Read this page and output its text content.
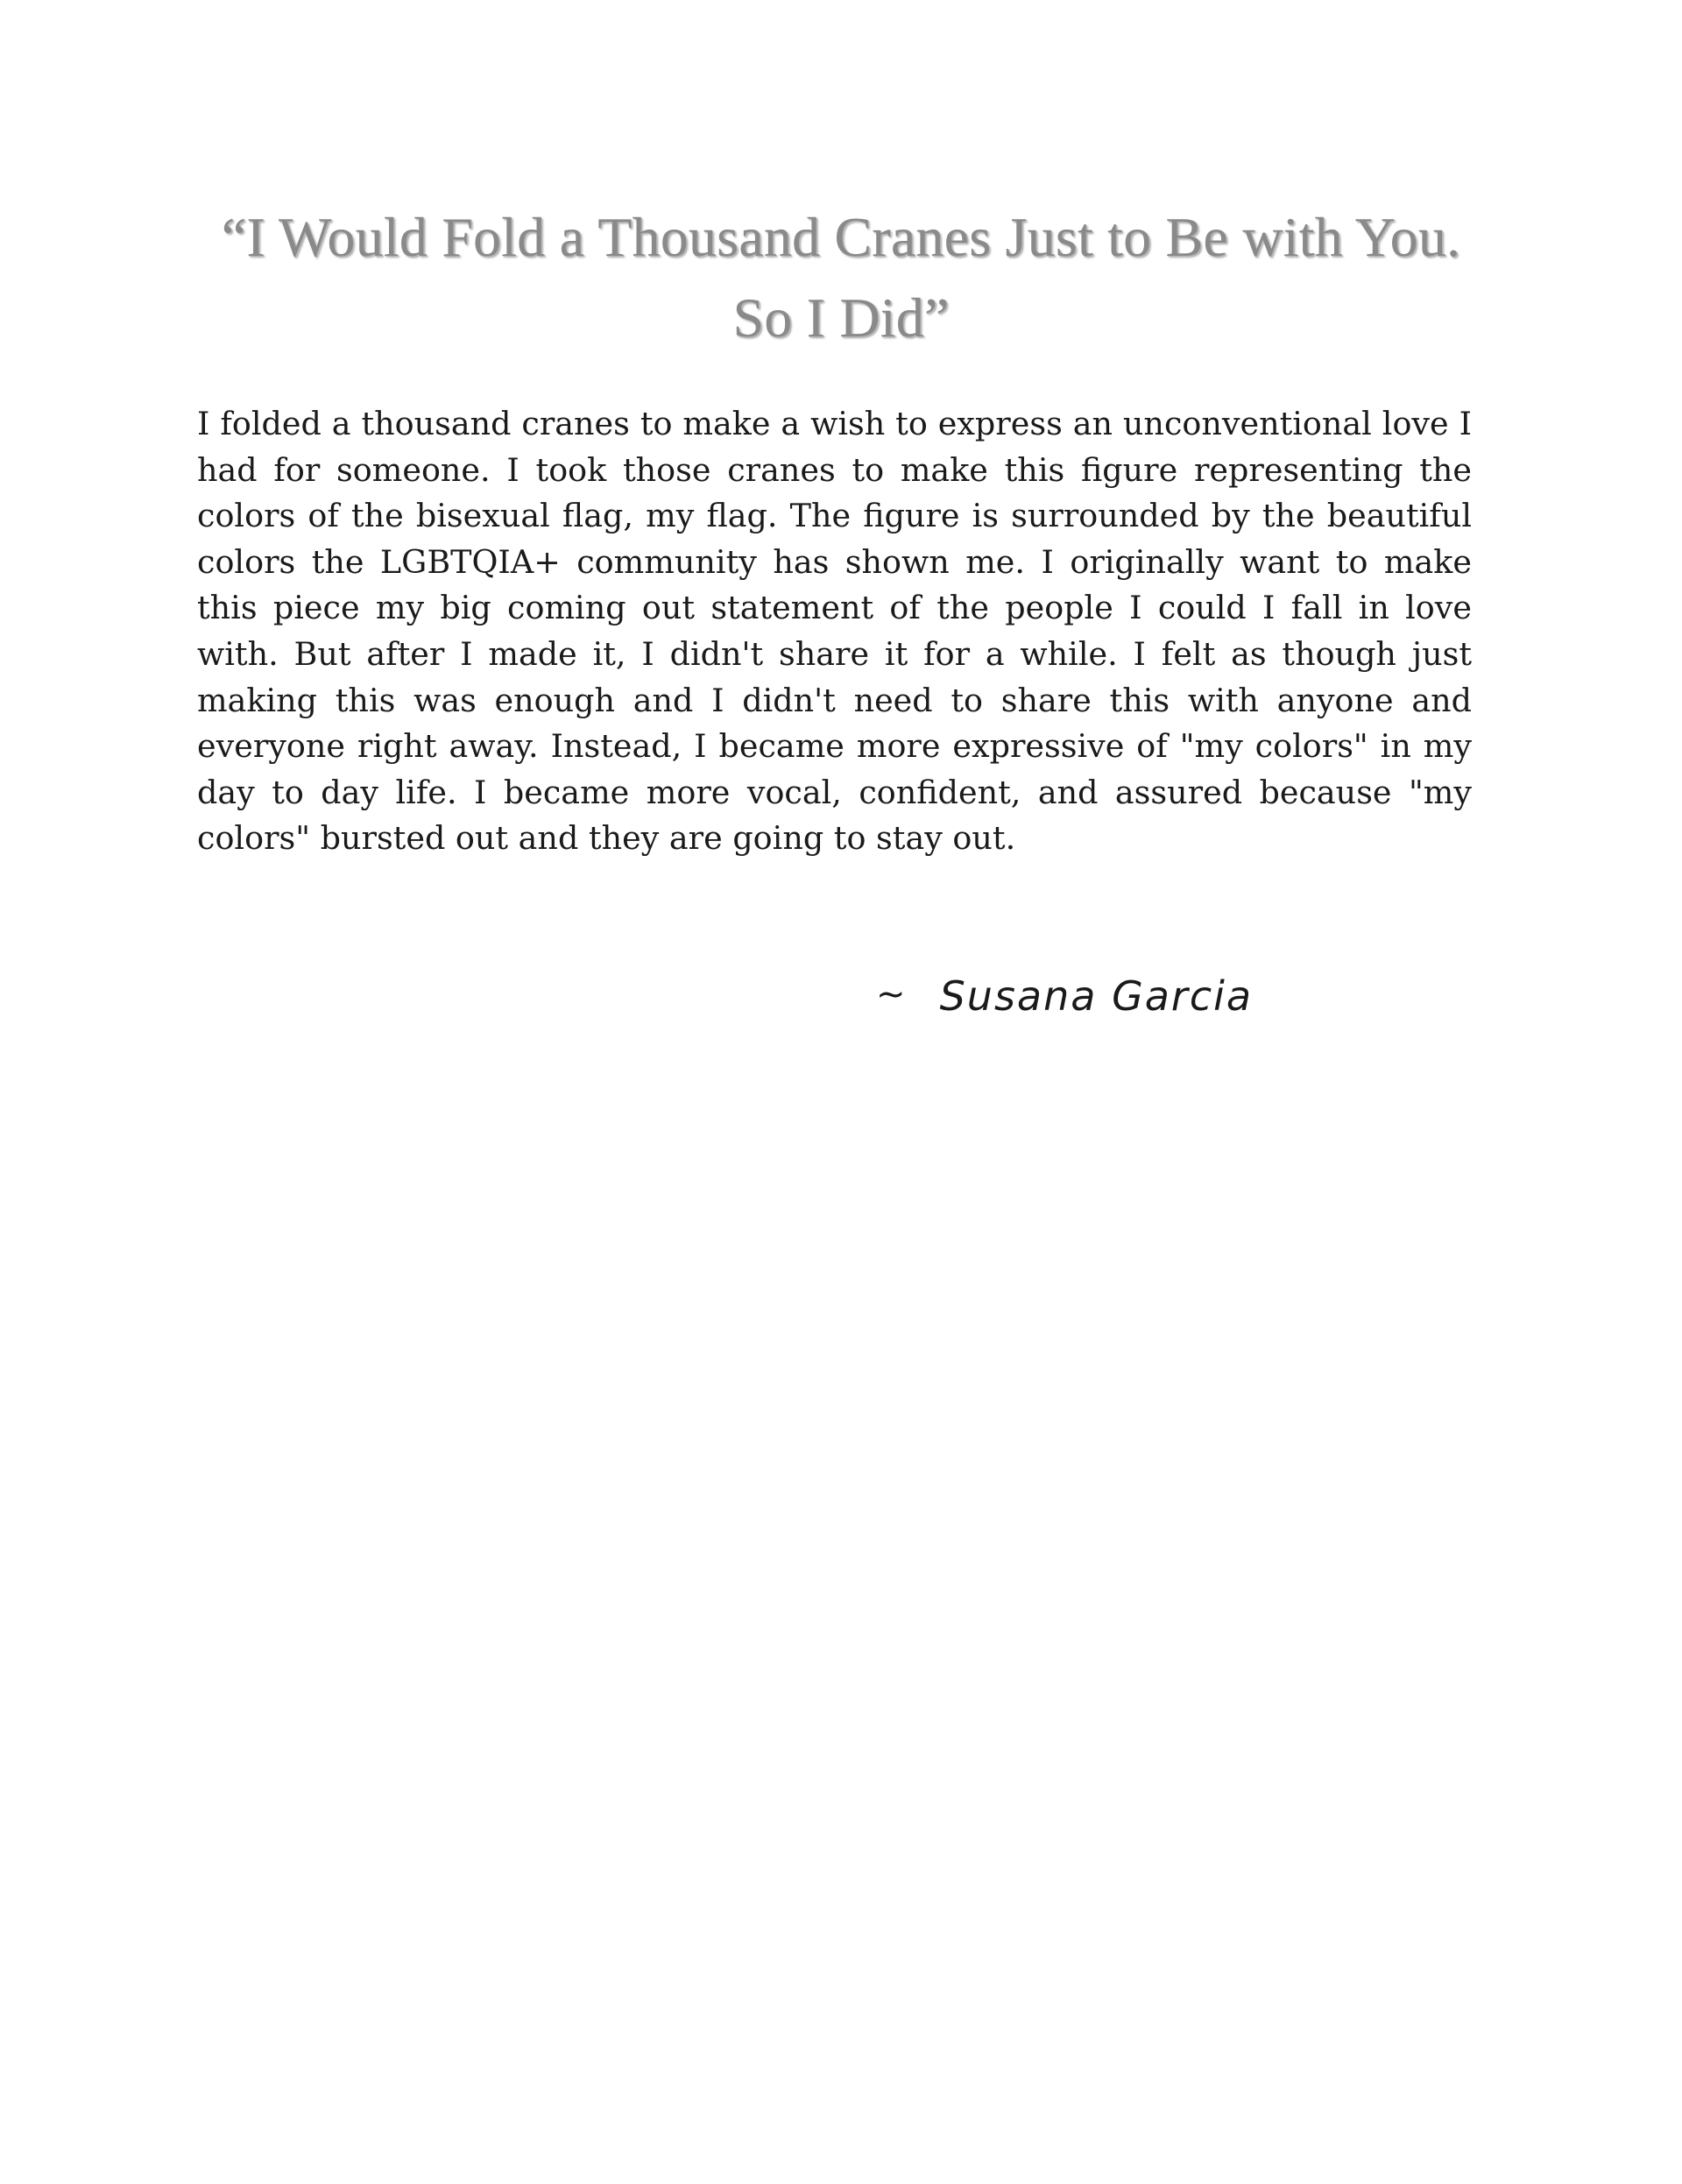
“I Would Fold a Thousand Cranes Just to Be with You. So I Did”

I folded a thousand cranes to make a wish to express an unconventional love I had for someone. I took those cranes to make this figure representing the colors of the bisexual flag, my flag. The figure is surrounded by the beautiful colors the LGBTQIA+ community has shown me. I originally want to make this piece my big coming out statement of the people I could I fall in love with. But after I made it, I didn't share it for a while. I felt as though just making this was enough and I didn't need to share this with anyone and everyone right away. Instead, I became more expressive of "my colors" in my day to day life. I became more vocal, confident, and assured because "my colors" bursted out and they are going to stay out.

~ Susana Garcia
